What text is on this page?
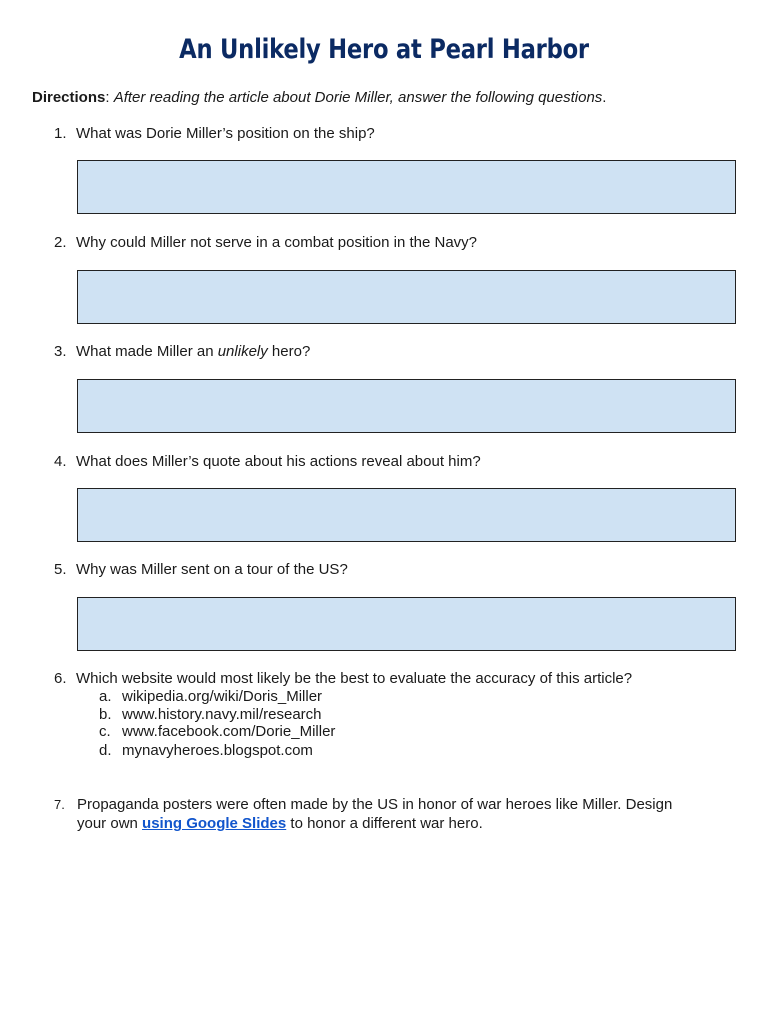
An Unlikely Hero at Pearl Harbor
Directions: After reading the article about Dorie Miller, answer the following questions.
1. What was Dorie Miller’s position on the ship?
2. Why could Miller not serve in a combat position in the Navy?
3. What made Miller an unlikely hero?
4. What does Miller’s quote about his actions reveal about him?
5. Why was Miller sent on a tour of the US?
6. Which website would most likely be the best to evaluate the accuracy of this article?
a. wikipedia.org/wiki/Doris_Miller
b. www.history.navy.mil/research
c. www.facebook.com/Dorie_Miller
d. mynavyheroes.blogspot.com
7. Propaganda posters were often made by the US in honor of war heroes like Miller. Design
your own using Google Slides to honor a different war hero.
